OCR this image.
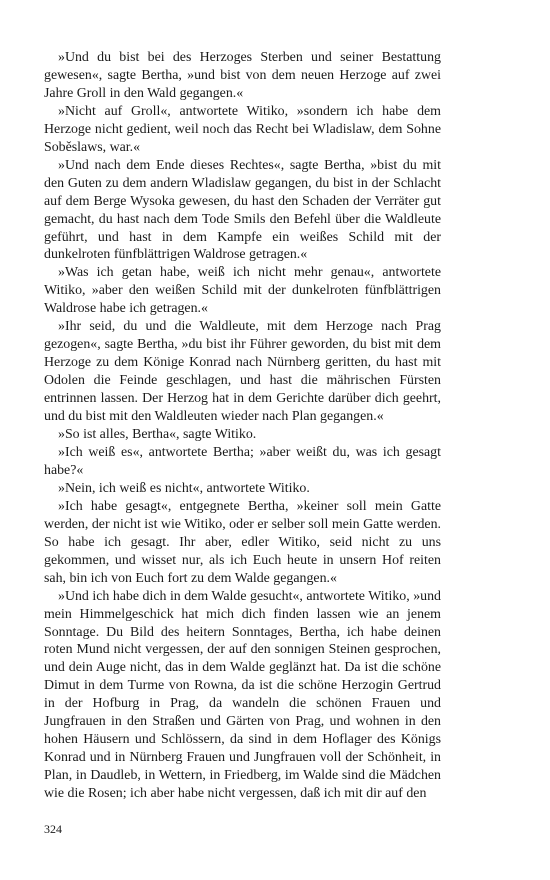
»Und du bist bei des Herzoges Sterben und seiner Bestattung gewesen«, sagte Bertha, »und bist von dem neuen Herzoge auf zwei Jahre Groll in den Wald gegangen.«

»Nicht auf Groll«, antwortete Witiko, »sondern ich habe dem Herzoge nicht gedient, weil noch das Recht bei Wladislaw, dem Sohne Soběslaws, war.«

»Und nach dem Ende dieses Rechtes«, sagte Bertha, »bist du mit den Guten zu dem andern Wladislaw gegangen, du bist in der Schlacht auf dem Berge Wysoka gewesen, du hast den Schaden der Verräter gut gemacht, du hast nach dem Tode Smils den Befehl über die Waldleute geführt, und hast in dem Kampfe ein weißes Schild mit der dunkelroten fünfblättrigen Waldrose getragen.«

»Was ich getan habe, weiß ich nicht mehr genau«, antwortete Witiko, »aber den weißen Schild mit der dunkelroten fünfblättrigen Waldrose habe ich getragen.«

»Ihr seid, du und die Waldleute, mit dem Herzoge nach Prag gezogen«, sagte Bertha, »du bist ihr Führer geworden, du bist mit dem Herzoge zu dem Könige Konrad nach Nürnberg geritten, du hast mit Odolen die Feinde geschlagen, und hast die mährischen Fürsten entrinnen lassen. Der Herzog hat in dem Gerichte darüber dich geehrt, und du bist mit den Waldleuten wieder nach Plan gegangen.«

»So ist alles, Bertha«, sagte Witiko.

»Ich weiß es«, antwortete Bertha; »aber weißt du, was ich gesagt habe?«

»Nein, ich weiß es nicht«, antwortete Witiko.

»Ich habe gesagt«, entgegnete Bertha, »keiner soll mein Gatte werden, der nicht ist wie Witiko, oder er selber soll mein Gatte werden. So habe ich gesagt. Ihr aber, edler Witiko, seid nicht zu uns gekommen, und wisset nur, als ich Euch heute in unsern Hof reiten sah, bin ich von Euch fort zu dem Walde gegangen.«

»Und ich habe dich in dem Walde gesucht«, antwortete Witiko, »und mein Himmelgeschick hat mich dich finden lassen wie an jenem Sonntage. Du Bild des heitern Sonntages, Bertha, ich habe deinen roten Mund nicht vergessen, der auf den sonnigen Steinen gesprochen, und dein Auge nicht, das in dem Walde geglänzt hat. Da ist die schöne Dimut in dem Turme von Rowna, da ist die schöne Herzogin Gertrud in der Hofburg in Prag, da wandeln die schönen Frauen und Jungfrauen in den Straßen und Gärten von Prag, und wohnen in den hohen Häusern und Schlössern, da sind in dem Hoflager des Königs Konrad und in Nürnberg Frauen und Jungfrauen voll der Schönheit, in Plan, in Daudleb, in Wettern, in Friedberg, im Walde sind die Mädchen wie die Rosen; ich aber habe nicht vergessen, daß ich mit dir auf den

324
